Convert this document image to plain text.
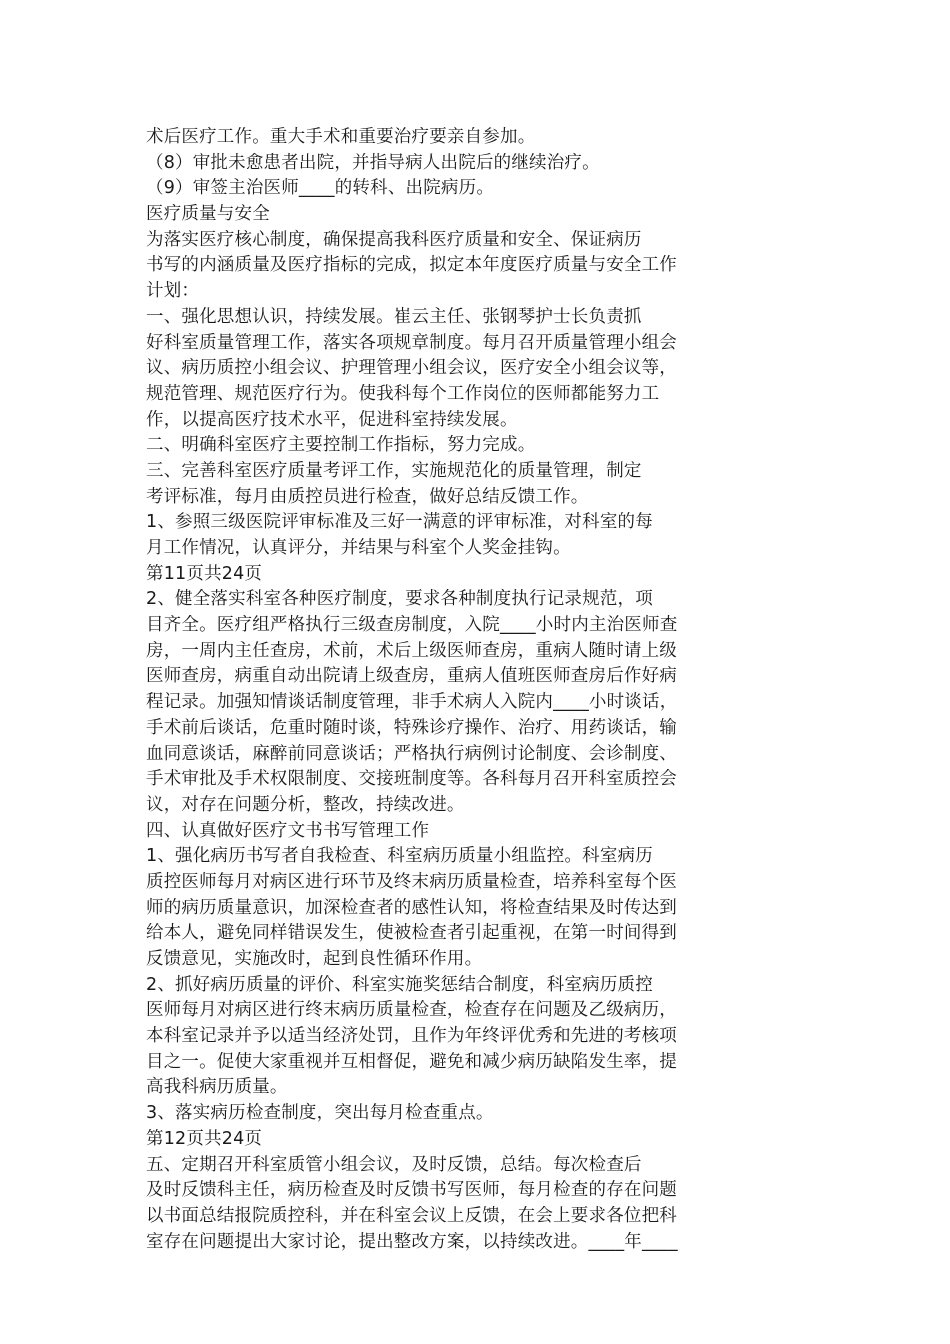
术后医疗工作。重大手术和重要治疗要亲自参加。
（8）审批未愈患者出院，并指导病人出院后的继续治疗。
（9）审签主治医师____的转科、出院病历。
医疗质量与安全
为落实医疗核心制度，确保提高我科医疗质量和安全、保证病历
书写的内涵质量及医疗指标的完成，拟定本年度医疗质量与安全工作
计划：
一、强化思想认识，持续发展。崔云主任、张钢琴护士长负责抓
好科室质量管理工作，落实各项规章制度。每月召开质量管理小组会
议、病历质控小组会议、护理管理小组会议，医疗安全小组会议等，
规范管理、规范医疗行为。使我科每个工作岗位的医师都能努力工
作，以提高医疗技术水平，促进科室持续发展。
二、明确科室医疗主要控制工作指标，努力完成。
三、完善科室医疗质量考评工作，实施规范化的质量管理，制定
考评标准，每月由质控员进行检查，做好总结反馈工作。
1、参照三级医院评审标准及三好一满意的评审标准，对科室的每
月工作情况，认真评分，并结果与科室个人奖金挂钩。
第11页共24页
2、健全落实科室各种医疗制度，要求各种制度执行记录规范，项
目齐全。医疗组严格执行三级查房制度，入院____小时内主治医师查
房，一周内主任查房，术前，术后上级医师查房，重病人随时请上级
医师查房，病重自动出院请上级查房，重病人值班医师查房后作好病
程记录。加强知情谈话制度管理，非手术病人入院内____小时谈话，
手术前后谈话，危重时随时谈，特殊诊疗操作、治疗、用药谈话，输
血同意谈话，麻醉前同意谈话；严格执行病例讨论制度、会诊制度、
手术审批及手术权限制度、交接班制度等。各科每月召开科室质控会
议，对存在问题分析，整改，持续改进。
四、认真做好医疗文书书写管理工作
1、强化病历书写者自我检查、科室病历质量小组监控。科室病历
质控医师每月对病区进行环节及终末病历质量检查，培养科室每个医
师的病历质量意识，加深检查者的感性认知，将检查结果及时传达到
给本人，避免同样错误发生，使被检查者引起重视，在第一时间得到
反馈意见，实施改时，起到良性循环作用。
2、抓好病历质量的评价、科室实施奖惩结合制度，科室病历质控
医师每月对病区进行终末病历质量检查，检查存在问题及乙级病历，
本科室记录并予以适当经济处罚，且作为年终评优秀和先进的考核项
目之一。促使大家重视并互相督促，避免和减少病历缺陷发生率，提
高我科病历质量。
3、落实病历检查制度，突出每月检查重点。
第12页共24页
五、定期召开科室质管小组会议，及时反馈，总结。每次检查后
及时反馈科主任，病历检查及时反馈书写医师，每月检查的存在问题
以书面总结报院质控科，并在科室会议上反馈，在会上要求各位把科
室存在问题提出大家讨论，提出整改方案，以持续改进。____年____
